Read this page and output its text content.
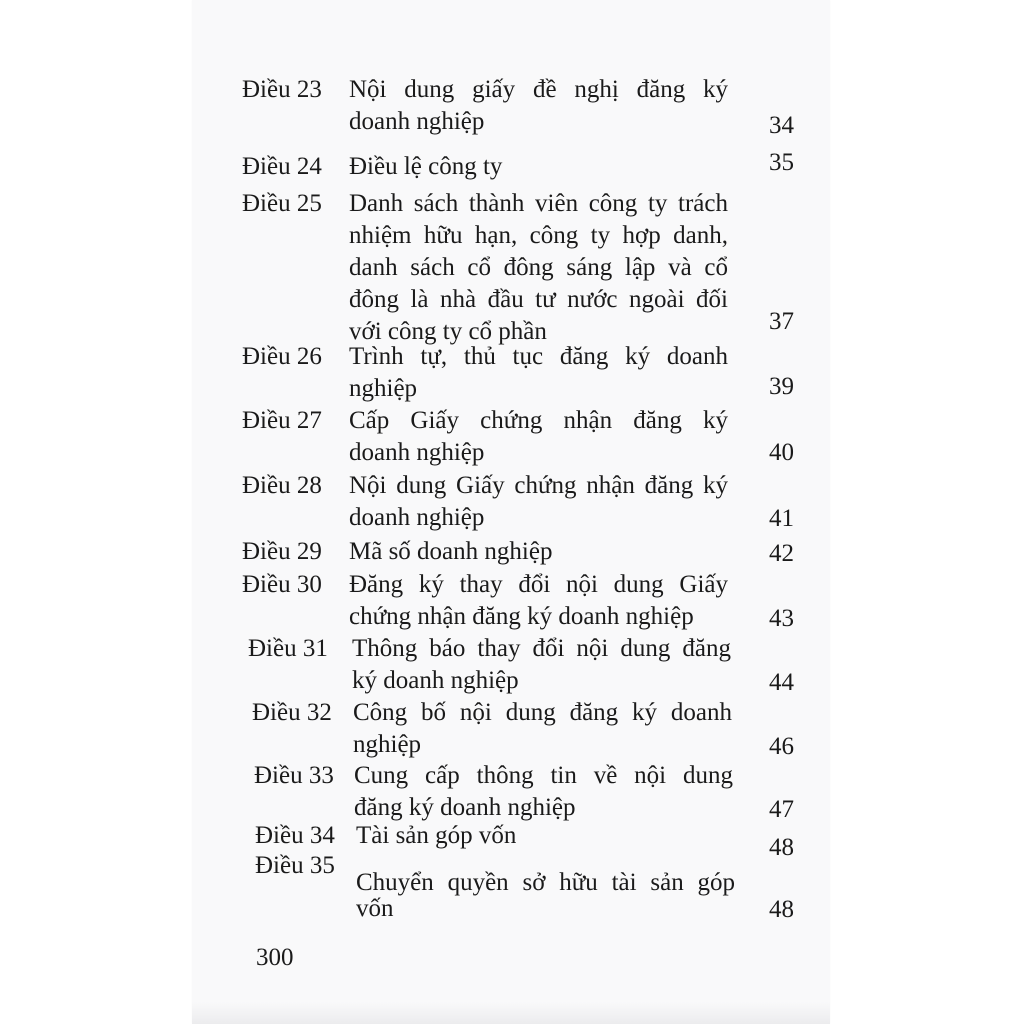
Điều 23 Nội dung giấy đề nghị đăng ký
doanh nghiệp	34
Điều 24 Điều lệ công ty	35
Điều 25 Danh sách thành viên công ty trách
nhiệm hữu hạn, công ty hợp danh,
danh sách cổ đông sáng lập và cổ
đông là nhà đầu tư nước ngoài đối
với công ty cổ phần	37
Điều 26 Trình tự, thủ tục đăng ký doanh
nghiệp	39
Điều 27 Cấp Giấy chứng nhận đăng ký
doanh nghiệp	40
Điều 28 Nội dung Giấy chứng nhận đăng ký
doanh nghiệp	41
Điều 29 Mã số doanh nghiệp	42
Điều 30 Đăng ký thay đổi nội dung Giấy
chứng nhận đăng ký doanh nghiệp	43
Điều 31 Thông báo thay đổi nội dung đăng
ký doanh nghiệp	44
Điều 32 Công bố nội dung đăng ký doanh
nghiệp	46
Điều 33 Cung cấp thông tin về nội dung
đăng ký doanh nghiệp	47
Điều 34 Tài sản góp vốn	48
Điều 35
Chuyển quyền sở hữu tài sản góp
vốn	48
300
